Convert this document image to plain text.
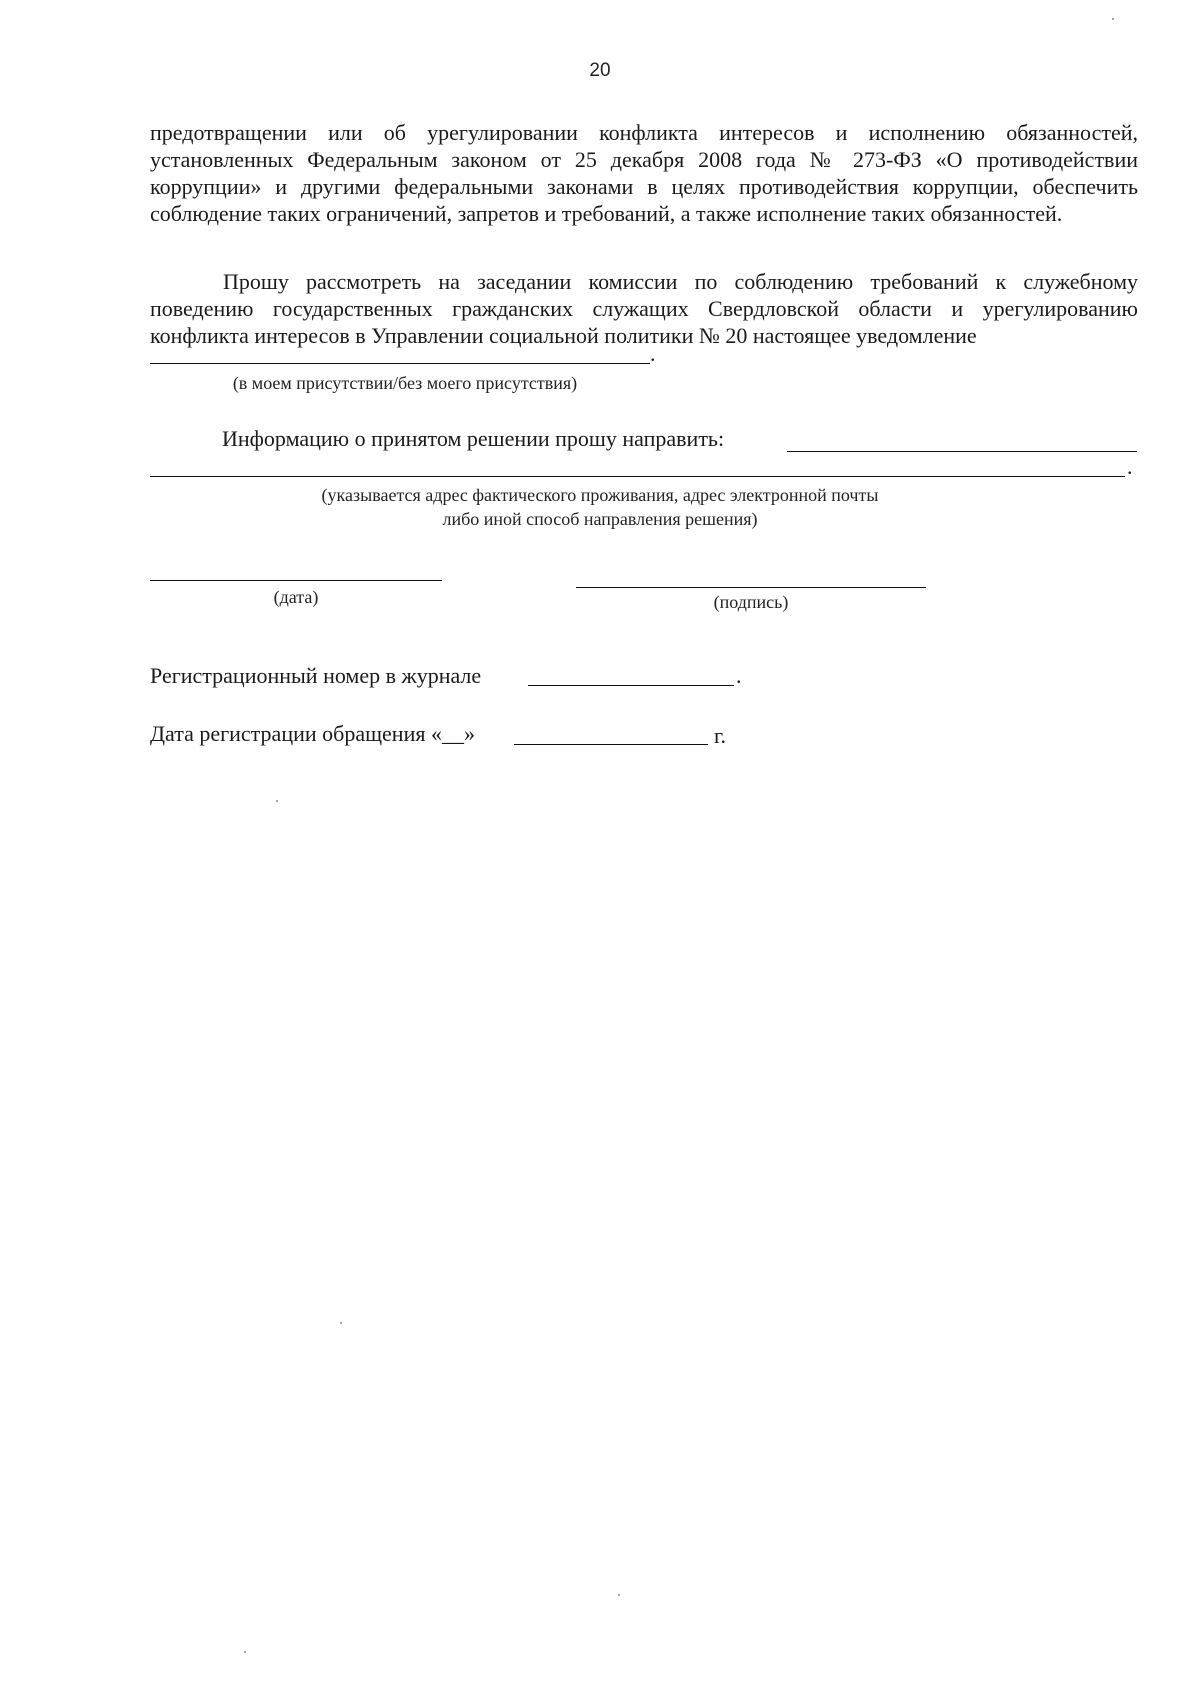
20

предотвращении или об урегулировании конфликта интересов и исполнению обязанностей, установленных Федеральным законом от 25 декабря 2008 года № 273-ФЗ «О противодействии коррупции» и другими федеральными законами в целях противодействия коррупции, обеспечить соблюдение таких ограничений, запретов и требований, а также исполнение таких обязанностей.

Прошу рассмотреть на заседании комиссии по соблюдению требований к служебному поведению государственных гражданских служащих Свердловской области и урегулированию конфликта интересов в Управлении социальной политики № 20 настоящее уведомление

.
(в моем присутствии/без моего присутствия)
Информацию о принятом решении прошу направить:
.
(указывается адрес фактического проживания, адрес электронной почты
либо иной способ направления решения)
(дата)	(подпись)
Регистрационный номер в журнале	.
Дата регистрации обращения «__»	г.
